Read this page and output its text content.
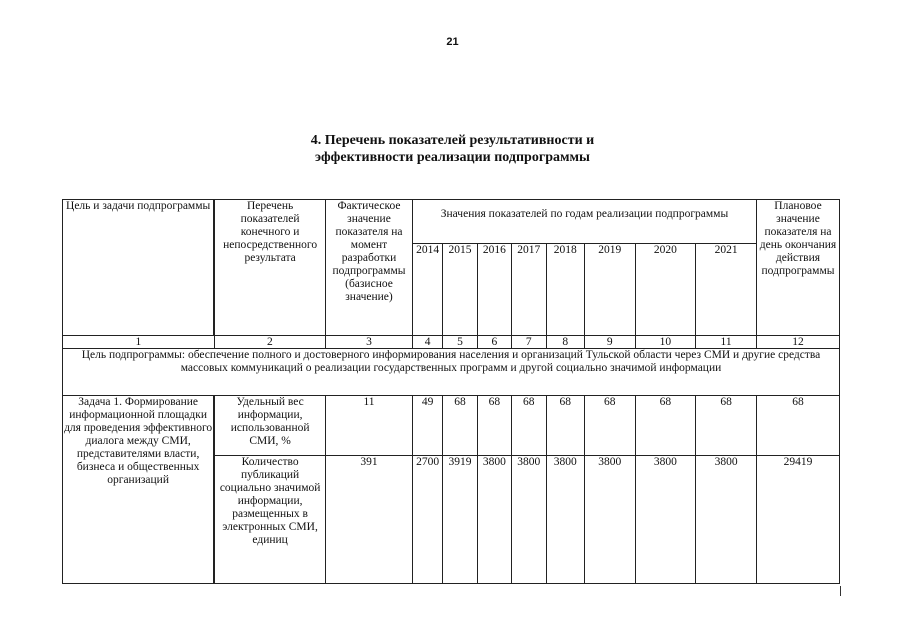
21
4. Перечень показателей результативности и
эффективности реализации подпрограммы
Цель и задачи подпрограммы	Перечень показателей конечного и непосредственного результата	Фактическое значение показателя на момент разработки подпрограммы (базисное значение)	Значения показателей по годам реализации подпрограммы								Плановое значение показателя на день окончания действия подпрограммы
			2014	2015	2016	2017	2018	2019	2020	2021	
1	2	3	4	5	6	7	8	9	10	11	12
Цель подпрограммы: обеспечение полного и достоверного информирования населения и организаций Тульской области через СМИ и другие средства массовых коммуникаций о реализации государственных программ и другой социально значимой информации											
Задача 1. Формирование информационной площадки для проведения эффективного диалога между СМИ, представителями власти, бизнеса и общественных организаций	Удельный вес информации, использованной СМИ, %	11	49	68	68	68	68	68	68	68	68
	Количество публикаций социально значимой информации, размещенных в электронных СМИ, единиц	391	2700	3919	3800	3800	3800	3800	3800	3800	29419
